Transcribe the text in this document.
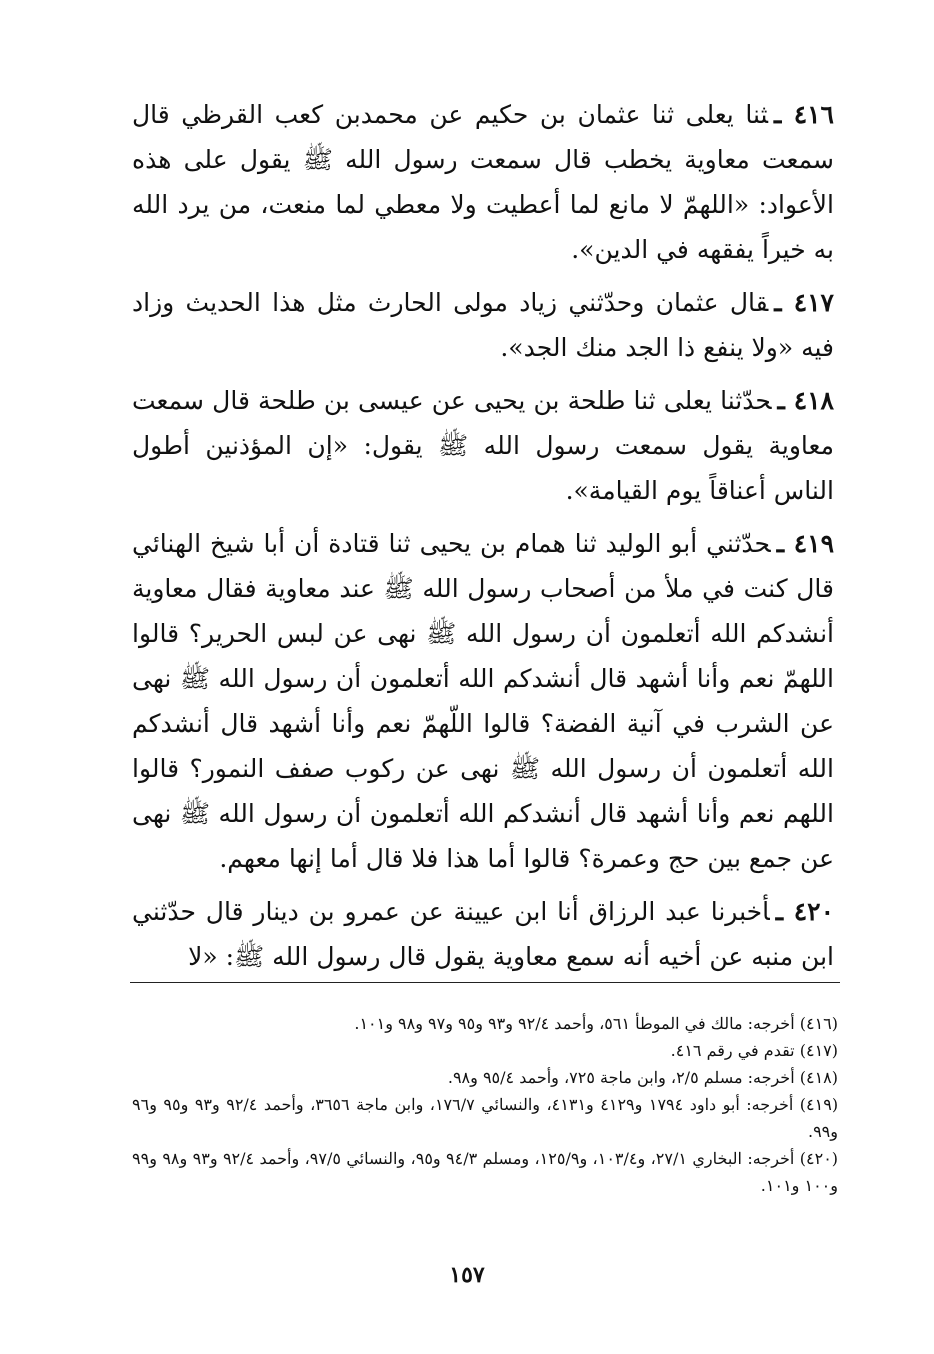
٤١٦ ـثنا يعلى ثنا عثمان بن حكيم عن محمدبن كعب القرظي قال سمعت معاوية يخطب قال سمعت رسول الله ﷺ يقول على هذه الأعواد: «اللهمّ لا مانع لما أعطيت ولا معطي لما منعت، من يرد الله به خيراً يفقهه في الدين».

٤١٧ ـقال عثمان وحدّثني زياد مولى الحارث مثل هذا الحديث وزاد فيه «ولا ينفع ذا الجد منك الجد».

٤١٨ ـحدّثنا يعلى ثنا طلحة بن يحيى عن عيسى بن طلحة قال سمعت معاوية يقول سمعت رسول الله ﷺ يقول: «إن المؤذنين أطول الناس أعناقاً يوم القيامة».

٤١٩ ـحدّثني أبو الوليد ثنا همام بن يحيى ثنا قتادة أن أبا شيخ الهنائي قال كنت في ملأ من أصحاب رسول الله ﷺ عند معاوية فقال معاوية أنشدكم الله أتعلمون أن رسول الله ﷺ نهى عن لبس الحرير؟ قالوا اللهمّ نعم وأنا أشهد قال أنشدكم الله أتعلمون أن رسول الله ﷺ نهى عن الشرب في آنية الفضة؟ قالوا اللّهمّ نعم وأنا أشهد قال أنشدكم الله أتعلمون أن رسول الله ﷺ نهى عن ركوب صفف النمور؟ قالوا اللهم نعم وأنا أشهد قال أنشدكم الله أتعلمون أن رسول الله ﷺ نهى عن جمع بين حج وعمرة؟ قالوا أما هذا فلا قال أما إنها معهم.

٤٢٠ ـأخبرنا عبد الرزاق أنا ابن عيينة عن عمرو بن دينار قال حدّثني ابن منبه عن أخيه أنه سمع معاوية يقول قال رسول الله ﷺ: «لا

(٤١٦) أخرجه: مالك في الموطأ ٥٦١، وأحمد ٩٢/٤ و٩٣ و٩٥ و٩٧ و٩٨ و١٠١.

(٤١٧) تقدم في رقم ٤١٦.

(٤١٨) أخرجه: مسلم ٢/٥، وابن ماجة ٧٢٥، وأحمد ٩٥/٤ و٩٨.

(٤١٩) أخرجه: أبو داود ١٧٩٤ و٤١٢٩ و٤١٣١، والنسائي ١٧٦/٧، وابن ماجة ٣٦٥٦، وأحمد ٩٢/٤ و٩٣ و٩٥ و٩٦ و٩٩.

(٤٢٠) أخرجه: البخاري ٢٧/١، و١٠٣/٤، و١٢٥/٩، ومسلم ٩٤/٣ و٩٥، والنسائي ٩٧/٥، وأحمد ٩٢/٤ و٩٣ و٩٨ و٩٩ و١٠٠ و١٠١.

١٥٧
